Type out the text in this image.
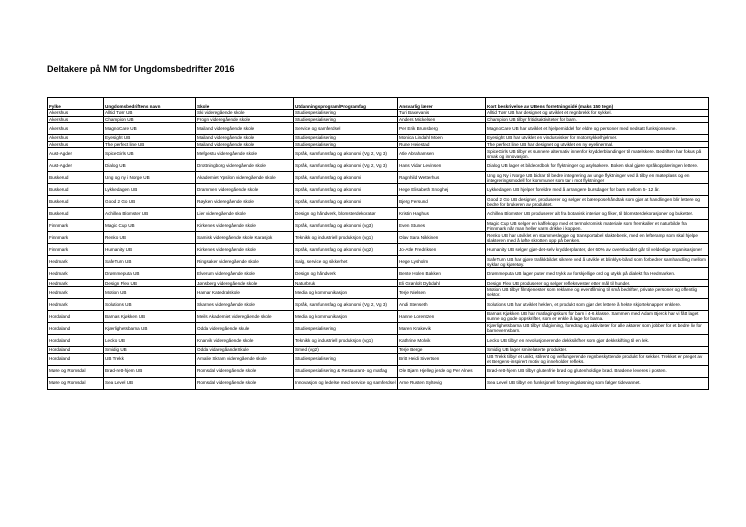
Deltakere på NM for Ungdomsbedrifter 2016
Fylke	Ungdomsbedriftens navn	Skole	Utdanningsprogram/Programfag	Ansvarlig lærer	Kort beskrivelse av UBens forretningsidé (maks 150 tegn)
Akershus	Alltid Tørr UB	Ski videregående skole	Studiespesialisering	Turi Baxevanis	Alltid Tørr UB har designet og utviklet et regnbrekk for sykkel.
Akershus	Champion UB	Frogn videregående skole	Studiespesialisering	Anders Mickelsen	Champion UB tilbyr fritidsaktiviteter for barn.
Akershus	MagnoCare UB	Mailand videregående skole	Service og samferdsel	Per Erik Brunsberg	MagnoCare UB har utviklet et hjelpemiddel for eldre og personer med nedsatt funksjonsevne.
Akershus	Eyesight UB	Mailand videregående skole	Studiespesialisering	Monica Lindahl Moen	Eyesight UB har utviklet en vindusvisker for motorsykkelhjelmer.
Akershus	The perfect line UB	Mailand videregående skole	Studiespesialisering	Rune Heiestad	The perfect line UB har designet og utviklet en ny eyelinermal.
Aust-Agder	SpiceGirls UB	Mefgestu videregående skole	Språk, samfunnsfag og økonomi (Vg 2, Vg 3)	Atle Abrahamsen	SpiceGirls UB tilbyr et sunnere alternativ innenfor krydderblandinger til matelskere. Bedriften har fokus på smak og innovasjon.
Aust-Agder	Dialog UB	Drottningborg videregående skole	Språk, samfunnsfag og økonomi (Vg 2, Vg 3)	Hans Vidar Levinsen	Dialog UB lager et bildeordbok for flyktninger og asylsøkere. Boken skal gjøre språkopplæringen lettere.
Buskerud	Ung og ny i Norge UB	Akademiet Ypsilon videregående skole	Språk, samfunnsfag og økonomi	Ragnhild Wetterhus	Ung og Ny i Norge UB bidrar til bedre integrering av unge flyktninger ved å tilby en møteplass og en integreringsmodell for kommuner som tar i mot flyktninger
Buskerud	Lykkedagen UB	Drammen videregående skole	Språk, samfunnsfag og økonomi	Hege Elisabeth Snoghej	Lykkedagen UB hjelper foreldre med å arrangere bursdager for barn mellom 5- 12 år.
Buskerud	Good 2 Go UB	Røyken videregående skole	Språk, samfunnsfag og økonomi	Bjerg Fersund	Good 2 Go UB designer, produserer og selger et bæreposehåndtak som gjør at handlingen blir lettere og bedre for brukeren av produktet.
Buskerud	Achillea Blomster UB	Lier videregående skole	Design og håndverk, blomsterdekoratør	Kristin Haghus	Achillea Blomster UB produserer alt fra botanisk interiør og fiker, til blomsterdekorasjoner og buketter.
Finnmark	Magic Cup UB	Kirkenes videregående skole	Språk, samfunnsfag og økonomi (vg3)	Even Stunes	Magic Cup UB selger en kaffekopp med et termokromisk materiale som fremkaller et naturbilde fra Finnmark når man heller varm drikke i koppen.
Finnmark	Renko UB	Samisk videregående skole Karasjok	Teknikk og industriell produksjon (vg1)	Olav Sara Nikkinen	Renko UB har utviklet en stammeslegge og transportabel slaktebenk, med en lefteramp som skal hjelpe slakteren med å løfte skrotten opp på benken.
Finnmark	Humanity UB	Kirkenes videregående skole	Språk, samfunnsfag og økonomi (vg2)	Jo-Atle Fredriksen	Humanity UB selger gjør-det-selv krydderplanter, der 60% av overskuddet går til veldedige organisasjoner
Hedmark	SafeTurn UB	Ringsaker videregående skole	Salg, service og sikkerhet	Hege Lysholm	SafeTurn UB har gjøre trafikkbildet sikrere ved å utvikle et blinklys-bånd som forbedrer samhandling mellom syklar og kjøretøy.
Hedmark	Drømmeputa UB	Elverum videregående skole	Design og håndverk	Bente Holen Bakken	Drømmeputa UB lager puter med trykk av forskjellige ord og utykk på dialekt fra Hedmarken.
Hedmark	Design Flex UB	Jønsberg videregående skole	Naturbruk	Eli Grønlolt Dybdahl	Design Flex UB produserer og selger refleksvester etter mål til hunder.
Hedmark	Motion UB	Hamar Katedralskole	Media og kommunikasjon	Terje Nielsen	Motion UB tilbyr filmtjenester som reklame og eventfilming til små bedrifter, private personer og offentlig sektor.
Hedmark	Solutions UB	Skarnes videregående skole	Språk, samfunnsfag og økonomi (Vg 2, Vg 3)	Andi Stenseth	Solutions UB har utviklet heklen, et produkt som gjør det lettere å hekte skjorteknapper enklere.
Hordaland	Barnas Kjøkken UB	Meils Akademiet videregående skole	Media og kommunikasjon	Hanne Lorentzen	Barnas Kjøkken UB har matlagingskurs for barn i 4-6.klasse. Sammen med Adam Bjerck har vi fått laget sunne og gode oppskrifter, som er enkle å lage for barna.
Hordaland	Kjærlighetsbarna UB	Odda videregående skule	Studiespesialisering	Maren Krakevik	Kjærlighetsbarna UB tilbyr rådgivning, foredrag og aktiviteter for alle aktører som jobber for et bedre liv for barnevernsbarn.
Hordaland	Lecko UB	Knarvik videregående skole	Teknikk og industriell produksjon (vg1)	Kathrine Molvik	Lecko UB tilbyr en revolusjonerende dekksikfher som gjør dekkskifting til en lek.
Hordaland	Smidig UB	Odda vidaregåandeSkule	Smed (vg2)	Terje Berge	Smidig UB lager smirelaterte produkter.
Hordaland	UB Trekk	Amalie Skram videregående skole	Studiespesialisering	Britt Heidi Sivertsen	UB Trekk tilbyr et unikt, stilrent og velfungerende regnbeskyttende produkt for sekker. Trekket er preget av et Bergens-inspirert motiv og inneholder refleks.
Møre og Romsdal	Brød-rett-hjem UB	Romsdal videregående skole	Studiespesialisering & Restaurant- og matfag	Ole Bjørn Hjelleg jerde og Per Alnes	Brød-rett-hjem UB tilbyr glutenfrie brød og glutenholdige brød. Brødene leveres i posten.
Møre og Romsdal	Sea Level UB	Romsdal videregående skole	Innovasjon og ledelse med service og samferdsel	Arne Rusten Syltevig	Sea Level UB tilbyr en funksjonell forteyningsløsning som følger tidevannet.
